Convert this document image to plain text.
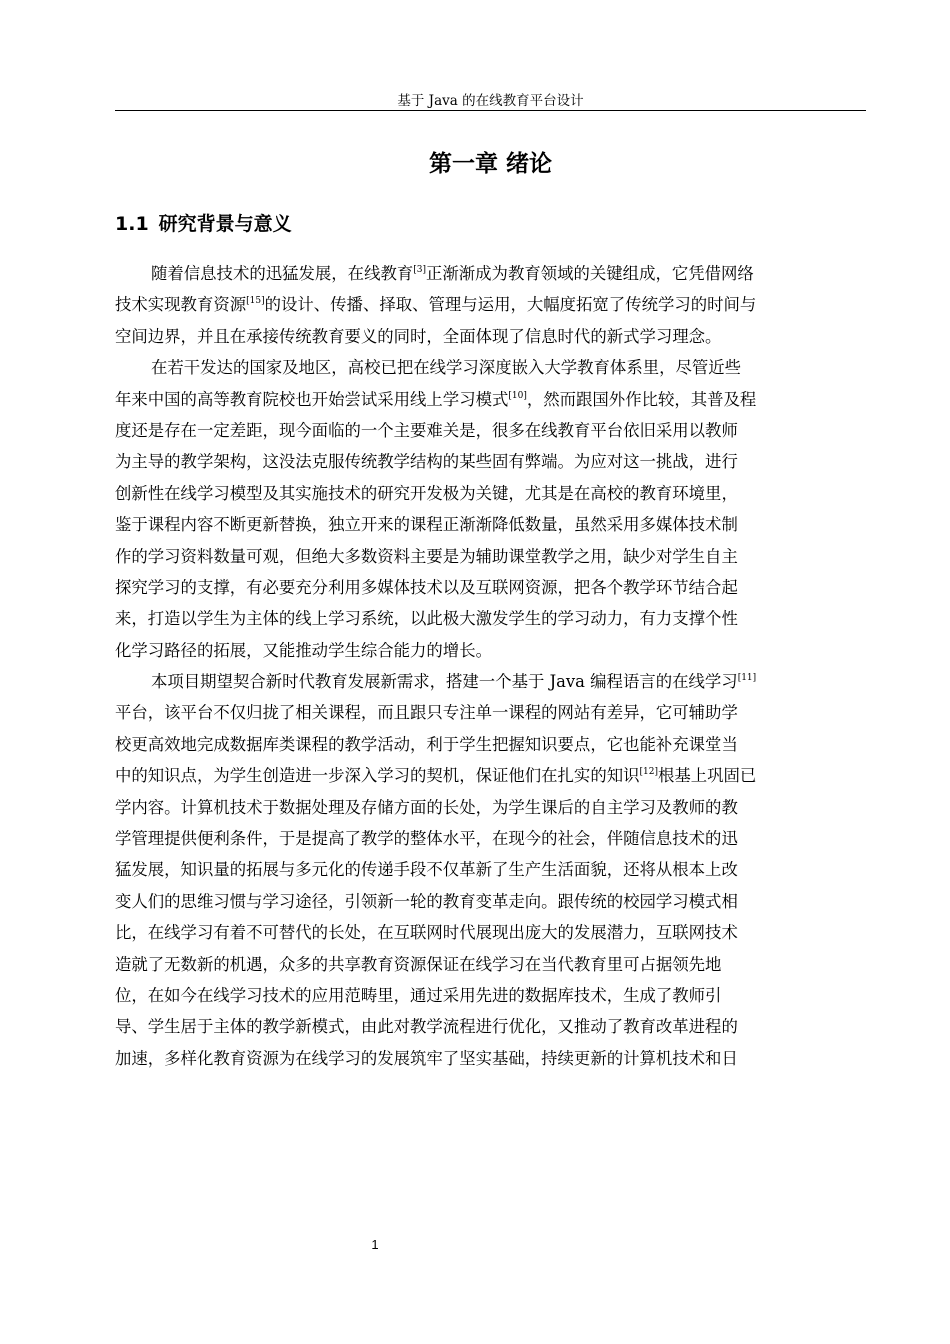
基于 Java 的在线教育平台设计
第一章 绪论
1.1 研究背景与意义
随着信息技术的迅猛发展，在线教育[3]正渐渐成为教育领域的关键组成，它凭借网络
技术实现教育资源[15]的设计、传播、择取、管理与运用，大幅度拓宽了传统学习的时间与
空间边界，并且在承接传统教育要义的同时，全面体现了信息时代的新式学习理念。
在若干发达的国家及地区，高校已把在线学习深度嵌入大学教育体系里，尽管近些
年来中国的高等教育院校也开始尝试采用线上学习模式[10]，然而跟国外作比较，其普及程
度还是存在一定差距，现今面临的一个主要难关是，很多在线教育平台依旧采用以教师
为主导的教学架构，这没法克服传统教学结构的某些固有弊端。为应对这一挑战，进行
创新性在线学习模型及其实施技术的研究开发极为关键，尤其是在高校的教育环境里，
鉴于课程内容不断更新替换，独立开来的课程正渐渐降低数量，虽然采用多媒体技术制
作的学习资料数量可观，但绝大多数资料主要是为辅助课堂教学之用，缺少对学生自主
探究学习的支撑，有必要充分利用多媒体技术以及互联网资源，把各个教学环节结合起
来，打造以学生为主体的线上学习系统，以此极大激发学生的学习动力，有力支撑个性
化学习路径的拓展，又能推动学生综合能力的增长。
本项目期望契合新时代教育发展新需求，搭建一个基于 Java 编程语言的在线学习[11]
平台，该平台不仅归拢了相关课程，而且跟只专注单一课程的网站有差异，它可辅助学
校更高效地完成数据库类课程的教学活动，利于学生把握知识要点，它也能补充课堂当
中的知识点，为学生创造进一步深入学习的契机，保证他们在扎实的知识[12]根基上巩固已
学内容。计算机技术于数据处理及存储方面的长处，为学生课后的自主学习及教师的教
学管理提供便利条件，于是提高了教学的整体水平，在现今的社会，伴随信息技术的迅
猛发展，知识量的拓展与多元化的传递手段不仅革新了生产生活面貌，还将从根本上改
变人们的思维习惯与学习途径，引领新一轮的教育变革走向。跟传统的校园学习模式相
比，在线学习有着不可替代的长处，在互联网时代展现出庞大的发展潜力，互联网技术
造就了无数新的机遇，众多的共享教育资源保证在线学习在当代教育里可占据领先地
位，在如今在线学习技术的应用范畴里，通过采用先进的数据库技术，生成了教师引
导、学生居于主体的教学新模式，由此对教学流程进行优化，又推动了教育改革进程的
加速，多样化教育资源为在线学习的发展筑牢了坚实基础，持续更新的计算机技术和日
1
